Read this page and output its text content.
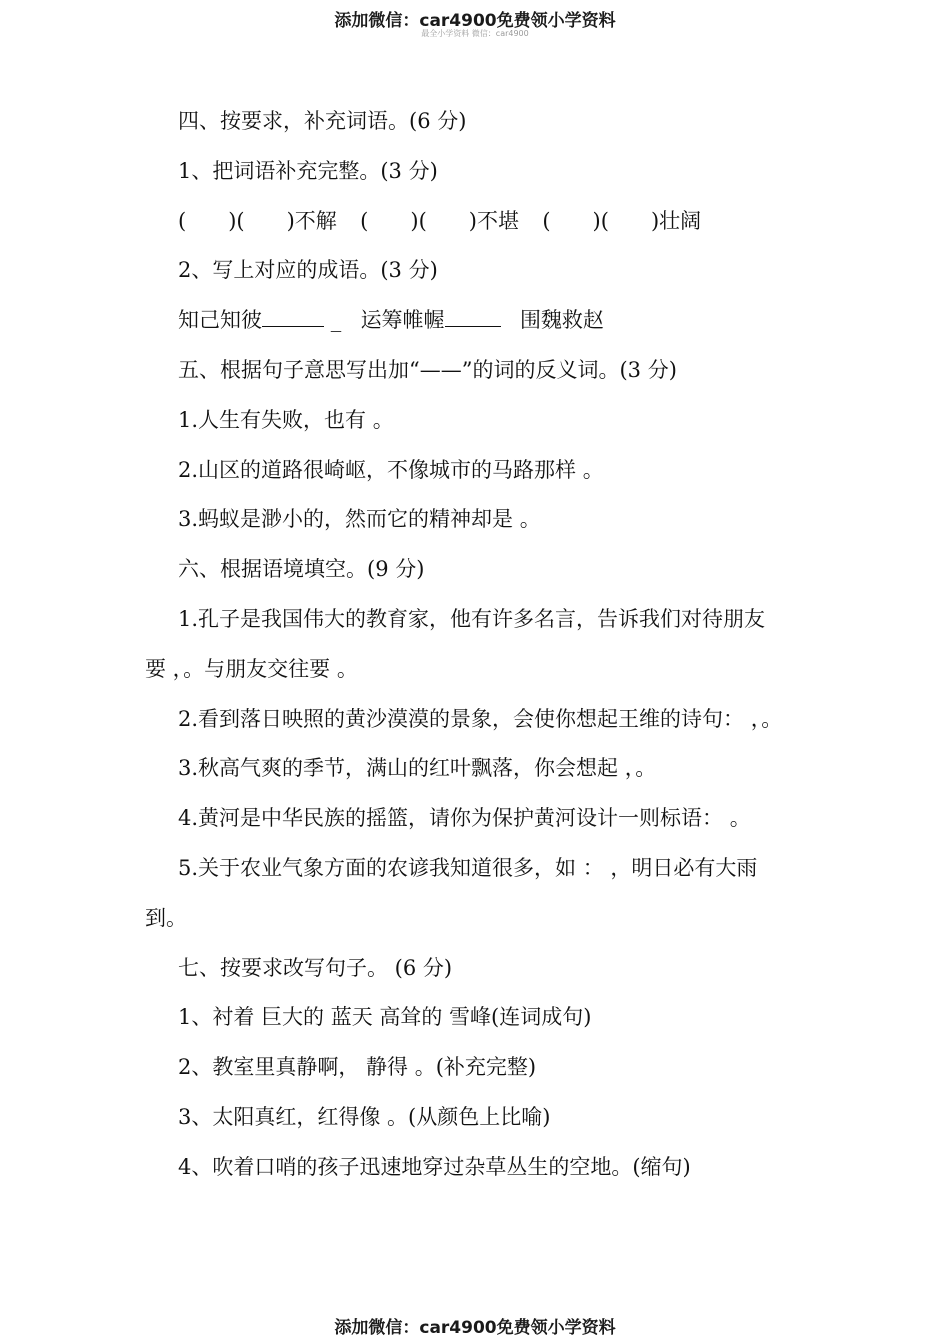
添加微信：car4900免费领小学资料
最全小学资料 微信：car4900
四、按要求，补充词语。(6 分)
1、把词语补充完整。(3 分)
( )( )不解 ( )( )不堪 ( )( )壮阔
2、写上对应的成语。(3 分)
知己知彼	_ 运筹帷幄	围魏救赵
五、根据句子意思写出加“——”的词的反义词。(3 分)
1.人生有失败，也有 。
2.山区的道路很崎岖，不像城市的马路那样 。
3.蚂蚁是渺小的，然而它的精神却是 。
六、根据语境填空。(9 分)
1.孔子是我国伟大的教育家，他有许多名言，告诉我们对待朋友
要 ，。与朋友交往要 。
2.看到落日映照的黄沙漠漠的景象，会使你想起王维的诗句： ，。
3.秋高气爽的季节，满山的红叶飘落，你会想起 ，。
4.黄河是中华民族的摇篮，请你为保护黄河设计一则标语： 。
5.关于农业气象方面的农谚我知道很多，如 ： ，明日必有大雨
到。
七、按要求改写句子。 (6 分)
1、衬着 巨大的 蓝天 高耸的 雪峰(连词成句)
2、教室里真静啊， 静得 。(补充完整)
3、太阳真红，红得像 。(从颜色上比喻)
4、吹着口哨的孩子迅速地穿过杂草丛生的空地。(缩句)
添加微信：car4900免费领小学资料
